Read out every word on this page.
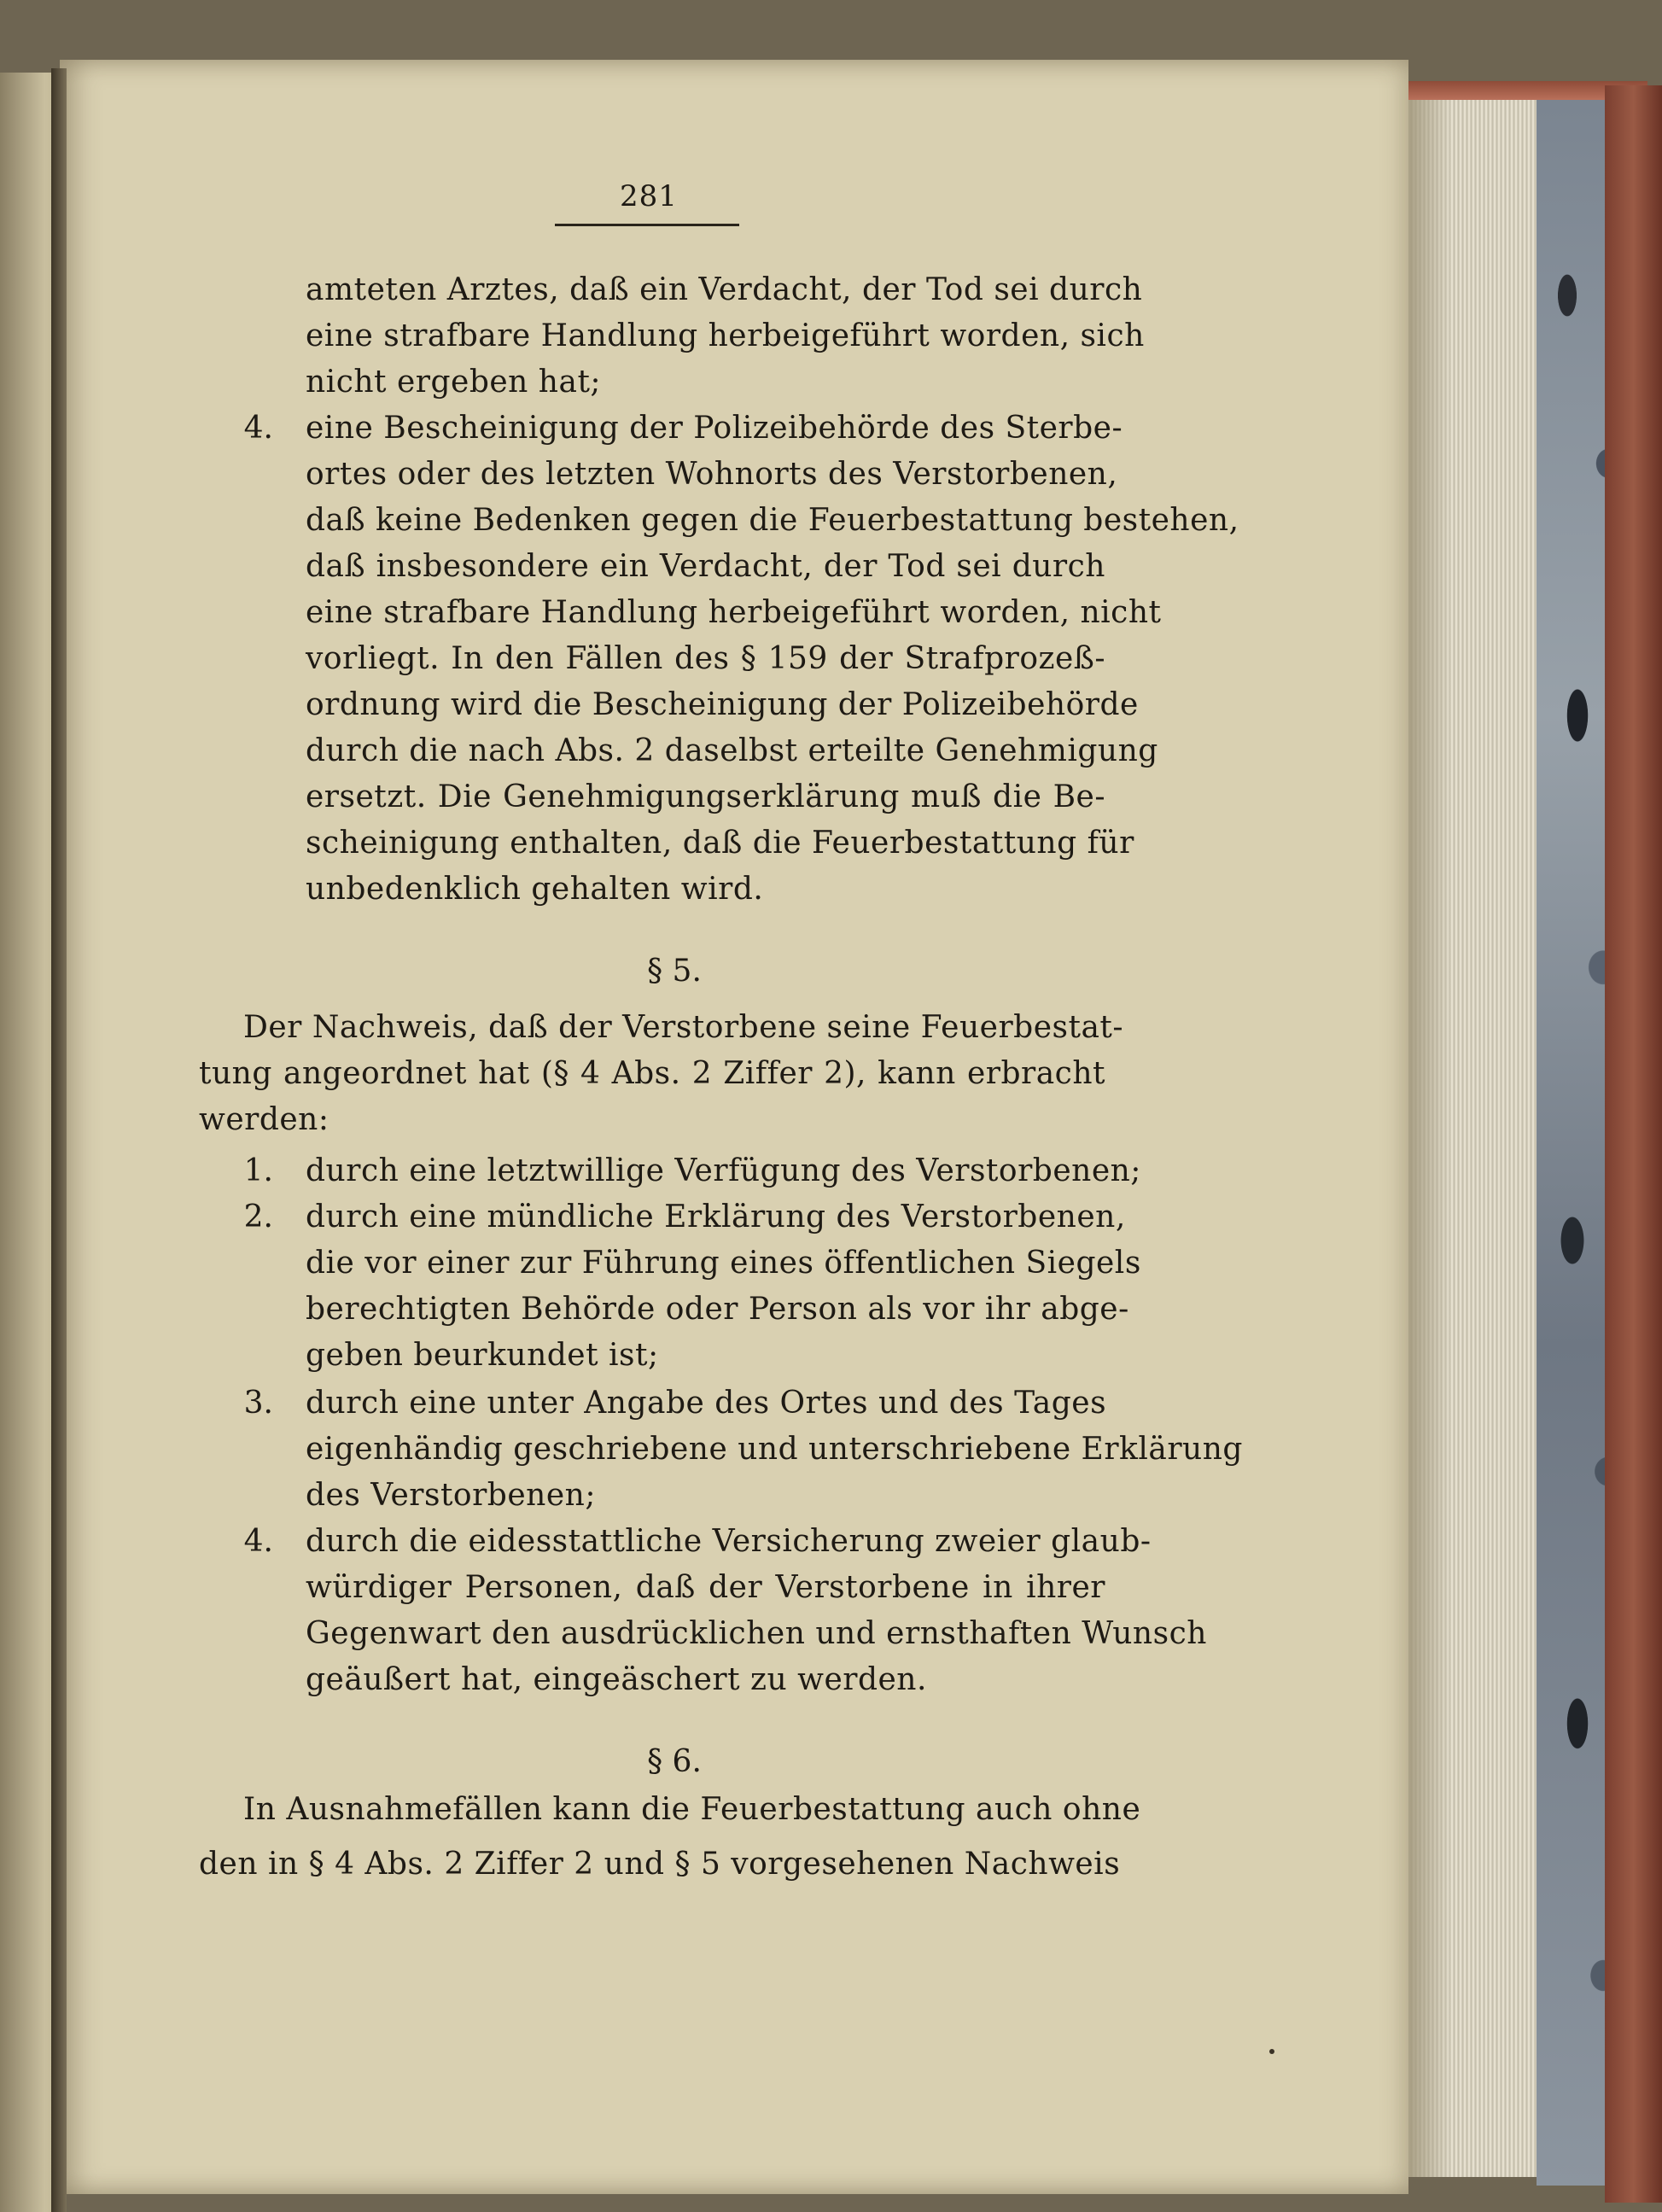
281
amteten Arztes, daß ein Verdacht, der Tod sei durch
eine strafbare Handlung herbeigeführt worden, sich
nicht ergeben hat;
4. eine Bescheinigung der Polizeibehörde des Sterbe-
ortes oder des letzten Wohnorts des Verstorbenen,
daß keine Bedenken gegen die Feuerbestattung bestehen,
daß insbesondere ein Verdacht, der Tod sei durch
eine strafbare Handlung herbeigeführt worden, nicht
vorliegt. In den Fällen des § 159 der Strafprozeß-
ordnung wird die Bescheinigung der Polizeibehörde
durch die nach Abs. 2 daselbst erteilte Genehmigung
ersetzt. Die Genehmigungserklärung muß die Be-
scheinigung enthalten, daß die Feuerbestattung für
unbedenklich gehalten wird.
§ 5.
Der Nachweis, daß der Verstorbene seine Feuerbestat-
tung angeordnet hat (§ 4 Abs. 2 Ziffer 2), kann erbracht
werden:
1. durch eine letztwillige Verfügung des Verstorbenen;
2. durch eine mündliche Erklärung des Verstorbenen,
die vor einer zur Führung eines öffentlichen Siegels
berechtigten Behörde oder Person als vor ihr abge-
geben beurkundet ist;
3. durch eine unter Angabe des Ortes und des Tages
eigenhändig geschriebene und unterschriebene Erklärung
des Verstorbenen;
4. durch die eidesstattliche Versicherung zweier glaub-
würdiger Personen, daß der Verstorbene in ihrer
Gegenwart den ausdrücklichen und ernsthaften Wunsch
geäußert hat, eingeäschert zu werden.
§ 6.
In Ausnahmefällen kann die Feuerbestattung auch ohne
den in § 4 Abs. 2 Ziffer 2 und § 5 vorgesehenen Nachweis
